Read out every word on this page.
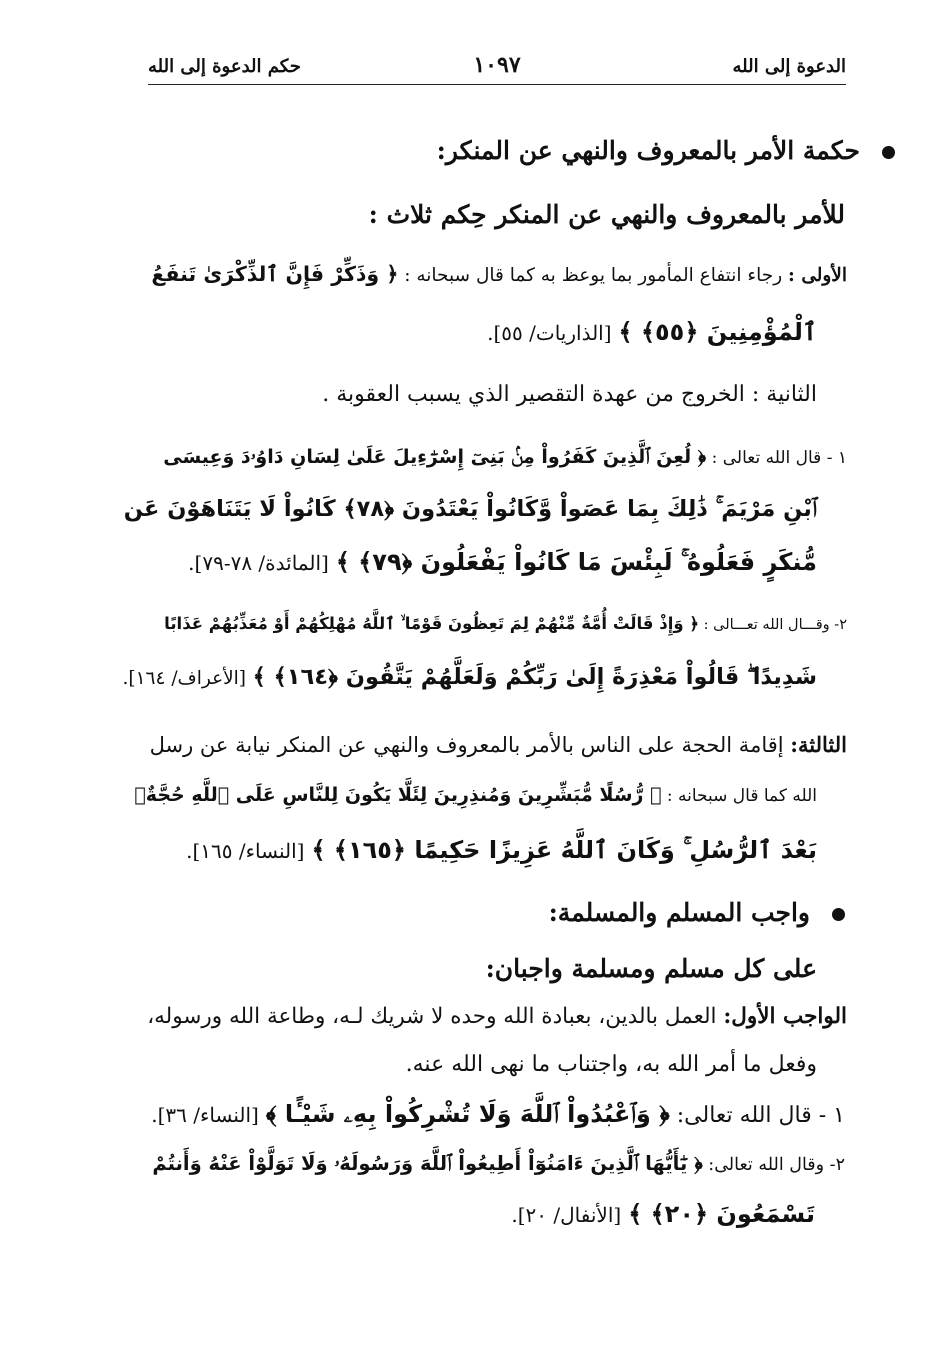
الدعوة إلى الله
١٠٩٧
حكم الدعوة إلى الله
حكمة الأمر بالمعروف والنهي عن المنكر:
للأمر بالمعروف والنهي عن المنكر حِكم ثلاث :
الأولى : رجاء انتفاع المأمور بما يوعظ به كما قال سبحانه : ﴿ وَذَكِّرْ فَإِنَّ ٱلذِّكْرَىٰ تَنفَعُ
ٱلْمُؤْمِنِينَ ﴿٥٥﴾ ﴾ [الذاريات/ ٥٥].
الثانية : الخروج من عهدة التقصير الذي يسبب العقوبة .
١ - قال الله تعالى : ﴿ لُعِنَ ٱلَّذِينَ كَفَرُواْ مِنۢ بَنِىٓ إِسْرَٰٓءِيلَ عَلَىٰ لِسَانِ دَاوُۥدَ وَعِيسَى
ٱبْنِ مَرْيَمَ ۚ ذَٰلِكَ بِمَا عَصَواْ وَّكَانُواْ يَعْتَدُونَ ﴿٧٨﴾ كَانُواْ لَا يَتَنَاهَوْنَ عَن
مُّنكَرٍ فَعَلُوهُ ۚ لَبِئْسَ مَا كَانُواْ يَفْعَلُونَ ﴿٧٩﴾ ﴾ [المائدة/ ٧٨-٧٩].
٢- وقـــال الله تعـــالى : ﴿ وَإِذْ قَالَتْ أُمَّةٌ مِّنْهُمْ لِمَ تَعِظُونَ قَوْمًا ۙ ٱللَّهُ مُهْلِكُهُمْ أَوْ مُعَذِّبُهُمْ عَذَابًا
شَدِيدًا ۖ قَالُواْ مَعْذِرَةً إِلَىٰ رَبِّكُمْ وَلَعَلَّهُمْ يَتَّقُونَ ﴿١٦٤﴾ ﴾ [الأعراف/ ١٦٤].
الثالثة: إقامة الحجة على الناس بالأمر بالمعروف والنهي عن المنكر نيابة عن رسل
الله كما قال سبحانه : ﴿ رُّسُلًا مُّبَشِّرِينَ وَمُنذِرِينَ لِئَلَّا يَكُونَ لِلنَّاسِ عَلَى ٱللَّهِ حُجَّةٌۢ
بَعْدَ ٱلرُّسُلِ ۚ وَكَانَ ٱللَّهُ عَزِيزًا حَكِيمًا ﴿١٦٥﴾ ﴾ [النساء/ ١٦٥].
واجب المسلم والمسلمة:
على كل مسلم ومسلمة واجبان:
الواجب الأول: العمل بالدين، بعبادة الله وحده لا شريك لـه، وطاعة الله ورسوله،
وفعل ما أمر الله به، واجتناب ما نهى الله عنه.
١ - قال الله تعالى: ﴿ وَٱعْبُدُواْ ٱللَّهَ وَلَا تُشْرِكُواْ بِهِۦ شَيْـًٔا ﴾ [النساء/ ٣٦].
٢- وقال الله تعالى: ﴿ يَٰٓأَيُّهَا ٱلَّذِينَ ءَامَنُوٓاْ أَطِيعُواْ ٱللَّهَ وَرَسُولَهُۥ وَلَا تَوَلَّوْاْ عَنْهُ وَأَنتُمْ
تَسْمَعُونَ ﴿٢٠﴾ ﴾ [الأنفال/ ٢٠].
